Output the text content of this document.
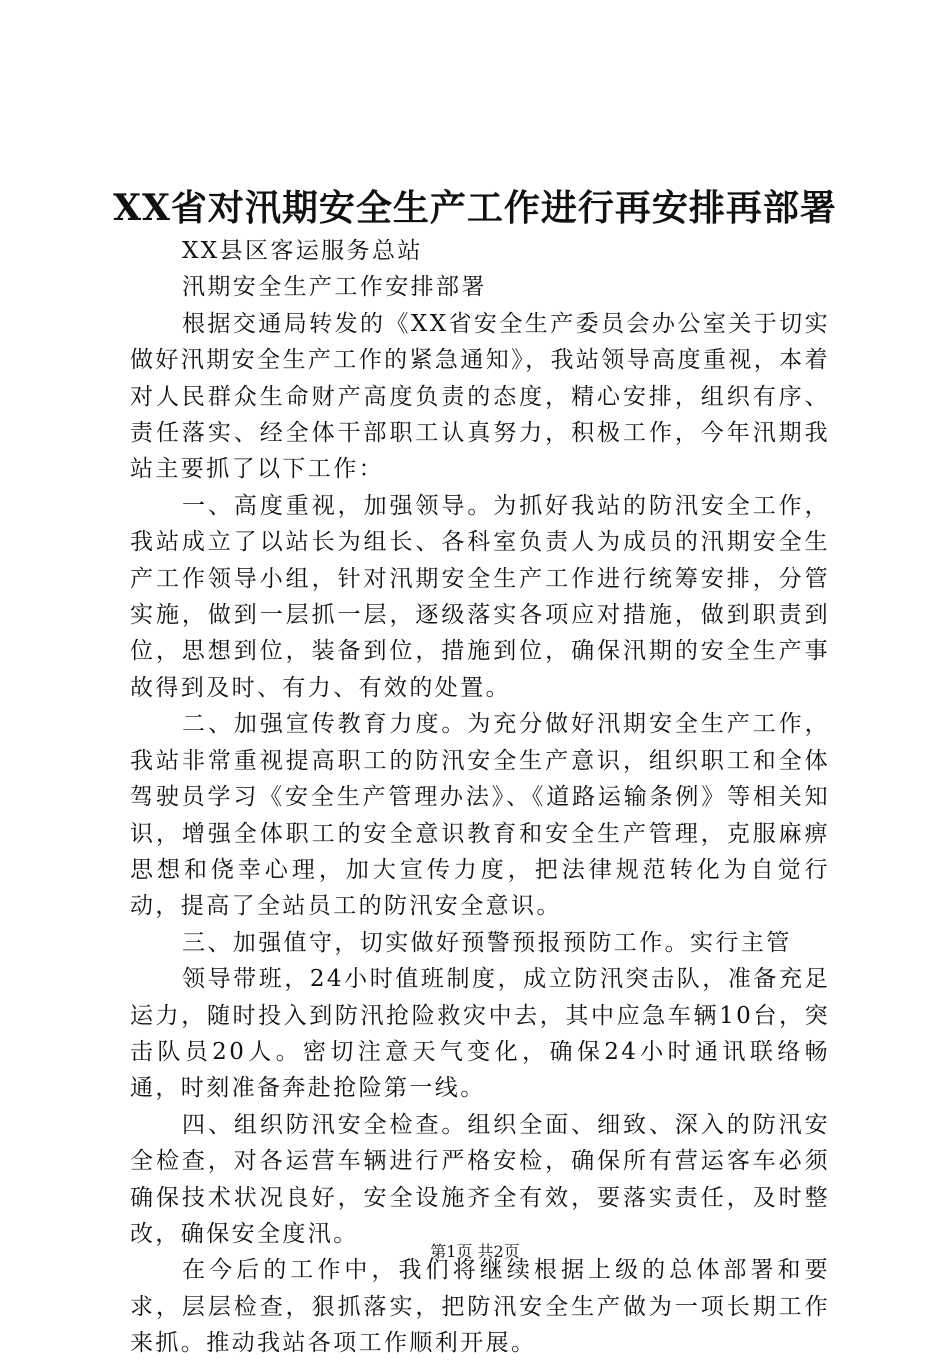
XX省对汛期安全生产工作进行再安排再部署

XX县区客运服务总站

汛期安全生产工作安排部署

根据交通局转发的《XX省安全生产委员会办公室关于切实做好汛期安全生产工作的紧急通知》，我站领导高度重视，本着对人民群众生命财产高度负责的态度，精心安排，组织有序、责任落实、经全体干部职工认真努力，积极工作，今年汛期我站主要抓了以下工作：

一、高度重视，加强领导。为抓好我站的防汛安全工作，我站成立了以站长为组长、各科室负责人为成员的汛期安全生产工作领导小组，针对汛期安全生产工作进行统筹安排，分管实施，做到一层抓一层，逐级落实各项应对措施，做到职责到位，思想到位，装备到位，措施到位，确保汛期的安全生产事故得到及时、有力、有效的处置。

二、加强宣传教育力度。为充分做好汛期安全生产工作，我站非常重视提高职工的防汛安全生产意识，组织职工和全体驾驶员学习《安全生产管理办法》、《道路运输条例》等相关知识，增强全体职工的安全意识教育和安全生产管理，克服麻痹思想和侥幸心理，加大宣传力度，把法律规范转化为自觉行动，提高了全站员工的防汛安全意识。

三、加强值守，切实做好预警预报预防工作。实行主管

领导带班，24小时值班制度，成立防汛突击队，准备充足运力，随时投入到防汛抢险救灾中去，其中应急车辆10台，突击队员20人。密切注意天气变化，确保24小时通讯联络畅通，时刻准备奔赴抢险第一线。

四、组织防汛安全检查。组织全面、细致、深入的防汛安全检查，对各运营车辆进行严格安检，确保所有营运客车必须确保技术状况良好，安全设施齐全有效，要落实责任，及时整改，确保安全度汛。

在今后的工作中，我们将继续根据上级的总体部署和要求，层层检查，狠抓落实，把防汛安全生产做为一项长期工作来抓。推动我站各项工作顺利开展。

第1页 共2页
